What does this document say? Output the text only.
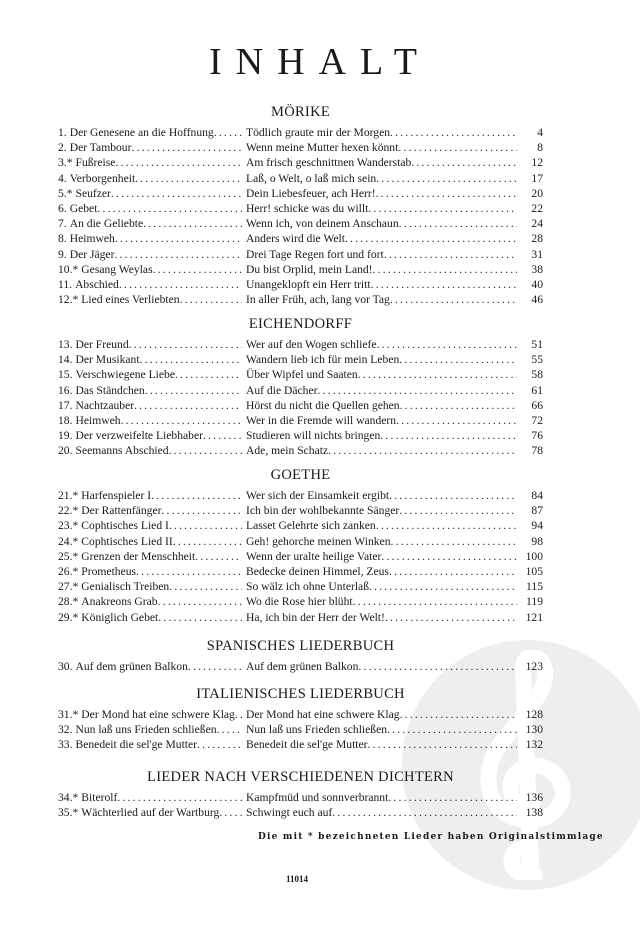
INHALT
MÖRIKE
1. Der Genesene an die Hoffnung .....	Tödlich graute mir der Morgen .....	4
2. Der Tambour .....	Wenn meine Mutter hexen könnt .....	8
3.* Fußreise .....	Am frisch geschnittnen Wanderstab .....	12
4. Verborgenheit .....	Laß, o Welt, o laß mich sein .....	17
5.* Seufzer .....	Dein Liebesfeuer, ach Herr! .....	20
6. Gebet .....	Herr! schicke was du willt .....	22
7. An die Geliebte .....	Wenn ich, von deinem Anschaun .....	24
8. Heimweh .....	Anders wird die Welt .....	28
9. Der Jäger .....	Drei Tage Regen fort und fort .....	31
10.* Gesang Weylas .....	Du bist Orplid, mein Land! .....	38
11. Abschied .....	Unangeklopft ein Herr tritt .....	40
12.* Lied eines Verliebten .....	In aller Früh, ach, lang vor Tag .....	46
EICHENDORFF
13. Der Freund .....	Wer auf den Wogen schliefe .....	51
14. Der Musikant .....	Wandern lieb ich für mein Leben .....	55
15. Verschwiegene Liebe .....	Über Wipfel und Saaten .....	58
16. Das Ständchen .....	Auf die Dächer .....	61
17. Nachtzauber .....	Hörst du nicht die Quellen gehen .....	66
18. Heimweh .....	Wer in die Fremde will wandern .....	72
19. Der verzweifelte Liebhaber .....	Studieren will nichts bringen .....	76
20. Seemanns Abschied .....	Ade, mein Schatz .....	78
GOETHE
21.* Harfenspieler I .....	Wer sich der Einsamkeit ergibt .....	84
22.* Der Rattenfänger .....	Ich bin der wohlbekannte Sänger .....	87
23.* Cophtisches Lied I .....	Lasset Gelehrte sich zanken .....	94
24.* Cophtisches Lied II .....	Geh! gehorche meinen Winken .....	98
25.* Grenzen der Menschheit .....	Wenn der uralte heilige Vater .....	100
26.* Prometheus .....	Bedecke deinen Himmel, Zeus .....	105
27.* Genialisch Treiben .....	So wälz ich ohne Unterlaß .....	115
28.* Anakreons Grab .....	Wo die Rose hier blüht .....	119
29.* Königlich Gebet .....	Ha, ich bin der Herr der Welt! .....	121
SPANISCHES LIEDERBUCH
30. Auf dem grünen Balkon .....	Auf dem grünen Balkon .....	123
ITALIENISCHES LIEDERBUCH
31.* Der Mond hat eine schwere Klag ..... Der Mond hat eine schwere Klag .....	128
32. Nun laß uns Frieden schließen .....	Nun laß uns Frieden schließen .....	130
33. Benedeit die sel'ge Mutter .....	Benedeit die sel'ge Mutter .....	132
LIEDER NACH VERSCHIEDENEN DICHTERN
34.* Biterolf .....	Kampfmüd und sonnverbrannt .....	136
35.* Wächterlied auf der Wartburg ..... Schwingt euch auf .....	138
Die mit * bezeichneten Lieder haben Originalstimmlage
11014
